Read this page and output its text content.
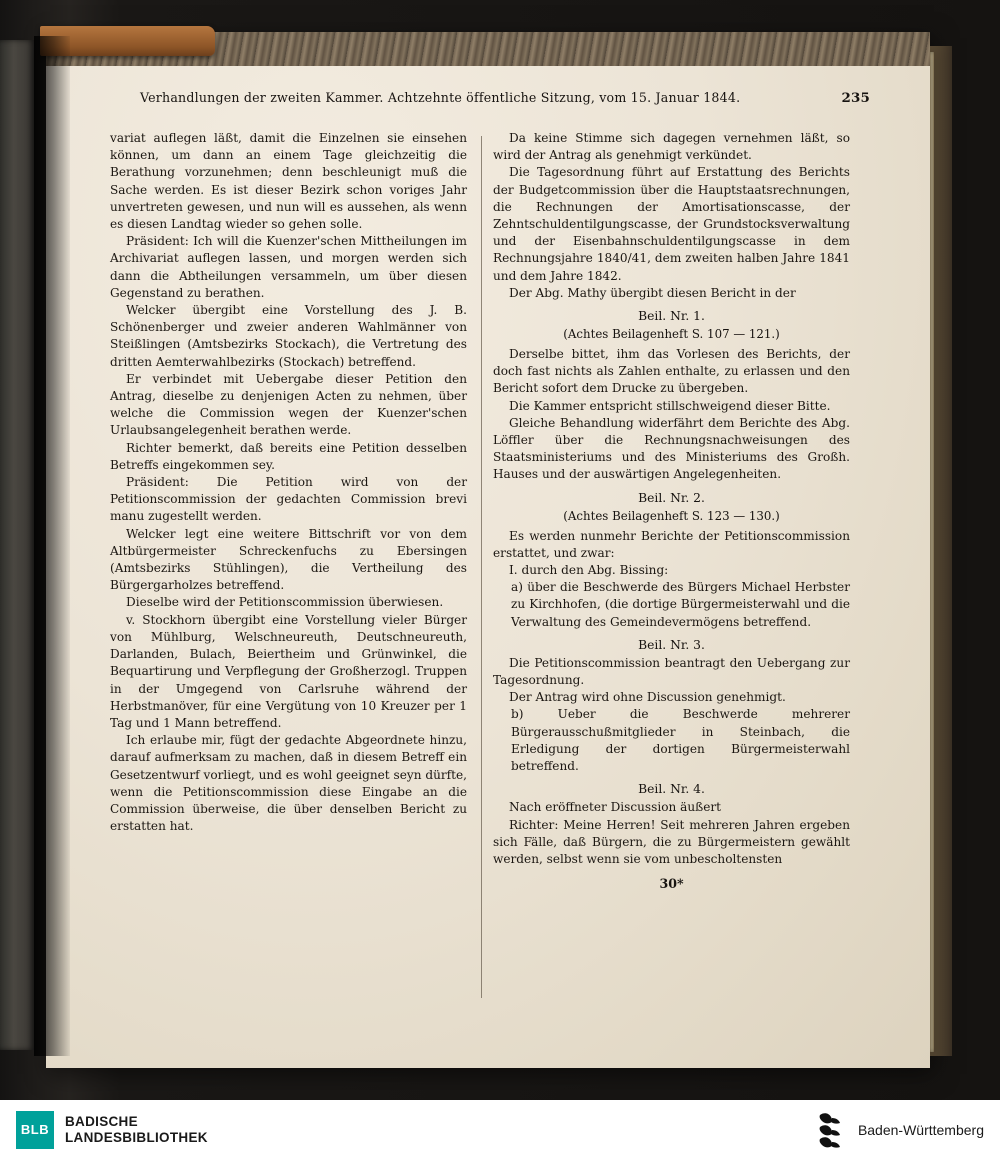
Verhandlungen der zweiten Kammer. Achtzehnte öffentliche Sitzung, vom 15. Januar 1844.	235

variat auflegen läßt, damit die Einzelnen sie einsehen können, um dann an einem Tage gleichzeitig die Berathung vorzunehmen; denn beschleunigt muß die Sache werden. Es ist dieser Bezirk schon voriges Jahr unvertreten gewesen, und nun will es aussehen, als wenn es diesen Landtag wieder so gehen solle.

Präsident: Ich will die Kuenzer'schen Mittheilungen im Archivariat auflegen lassen, und morgen werden sich dann die Abtheilungen versammeln, um über diesen Gegenstand zu berathen.

Welcker übergibt eine Vorstellung des J. B. Schönenberger und zweier anderen Wahlmänner von Steißlingen (Amtsbezirks Stockach), die Vertretung des dritten Aemterwahlbezirks (Stockach) betreffend.

Er verbindet mit Uebergabe dieser Petition den Antrag, dieselbe zu denjenigen Acten zu nehmen, über welche die Commission wegen der Kuenzer'schen Urlaubsangelegenheit berathen werde.

Richter bemerkt, daß bereits eine Petition desselben Betreffs eingekommen sey.

Präsident: Die Petition wird von der Petitionscommission der gedachten Commission brevi manu zugestellt werden.

Welcker legt eine weitere Bittschrift vor von dem Altbürgermeister Schreckenfuchs zu Ebersingen (Amtsbezirks Stühlingen), die Vertheilung des Bürgergarholzes betreffend.

Dieselbe wird der Petitionscommission überwiesen.

v. Stockhorn übergibt eine Vorstellung vieler Bürger von Mühlburg, Welschneureuth, Deutschneureuth, Darlanden, Bulach, Beiertheim und Grünwinkel, die Bequartirung und Verpflegung der Großherzogl. Truppen in der Umgegend von Carlsruhe während der Herbstmanöver, für eine Vergütung von 10 Kreuzer per 1 Tag und 1 Mann betreffend.

Ich erlaube mir, fügt der gedachte Abgeordnete hinzu, darauf aufmerksam zu machen, daß in diesem Betreff ein Gesetzentwurf vorliegt, und es wohl geeignet seyn dürfte, wenn die Petitionscommission diese Eingabe an die Commission überweise, die über denselben Bericht zu erstatten hat.

Da keine Stimme sich dagegen vernehmen läßt, so wird der Antrag als genehmigt verkündet.

Die Tagesordnung führt auf Erstattung des Berichts der Budgetcommission über die Hauptstaatsrechnungen, die Rechnungen der Amortisationscasse, der Zehntschuldentilgungscasse, der Grundstocksverwaltung und der Eisenbahnschuldentilgungscasse in dem Rechnungsjahre 1840/41, dem zweiten halben Jahre 1841 und dem Jahre 1842.

Der Abg. Mathy übergibt diesen Bericht in der

Beil. Nr. 1.

(Achtes Beilagenheft S. 107 — 121.)

Derselbe bittet, ihm das Vorlesen des Berichts, der doch fast nichts als Zahlen enthalte, zu erlassen und den Bericht sofort dem Drucke zu übergeben.

Die Kammer entspricht stillschweigend dieser Bitte.

Gleiche Behandlung widerfährt dem Berichte des Abg. Löffler über die Rechnungsnachweisungen des Staatsministeriums und des Ministeriums des Großh. Hauses und der auswärtigen Angelegenheiten.

Beil. Nr. 2.

(Achtes Beilagenheft S. 123 — 130.)

Es werden nunmehr Berichte der Petitionscommission erstattet, und zwar:

I. durch den Abg. Bissing:

a) über die Beschwerde des Bürgers Michael Herbster zu Kirchhofen, (die dortige Bürgermeisterwahl und die Verwaltung des Gemeindevermögens betreffend.

Beil. Nr. 3.

Die Petitionscommission beantragt den Uebergang zur Tagesordnung.

Der Antrag wird ohne Discussion genehmigt.

b) Ueber die Beschwerde mehrerer Bürgerausschußmitglieder in Steinbach, die Erledigung der dortigen Bürgermeisterwahl betreffend.

Beil. Nr. 4.

Nach eröffneter Discussion äußert

Richter: Meine Herren! Seit mehreren Jahren ergeben sich Fälle, daß Bürgern, die zu Bürgermeistern gewählt werden, selbst wenn sie vom unbescholtensten

30*
BLB
BADISCHE
LANDESBIBLIOTHEK	Baden-Württemberg
